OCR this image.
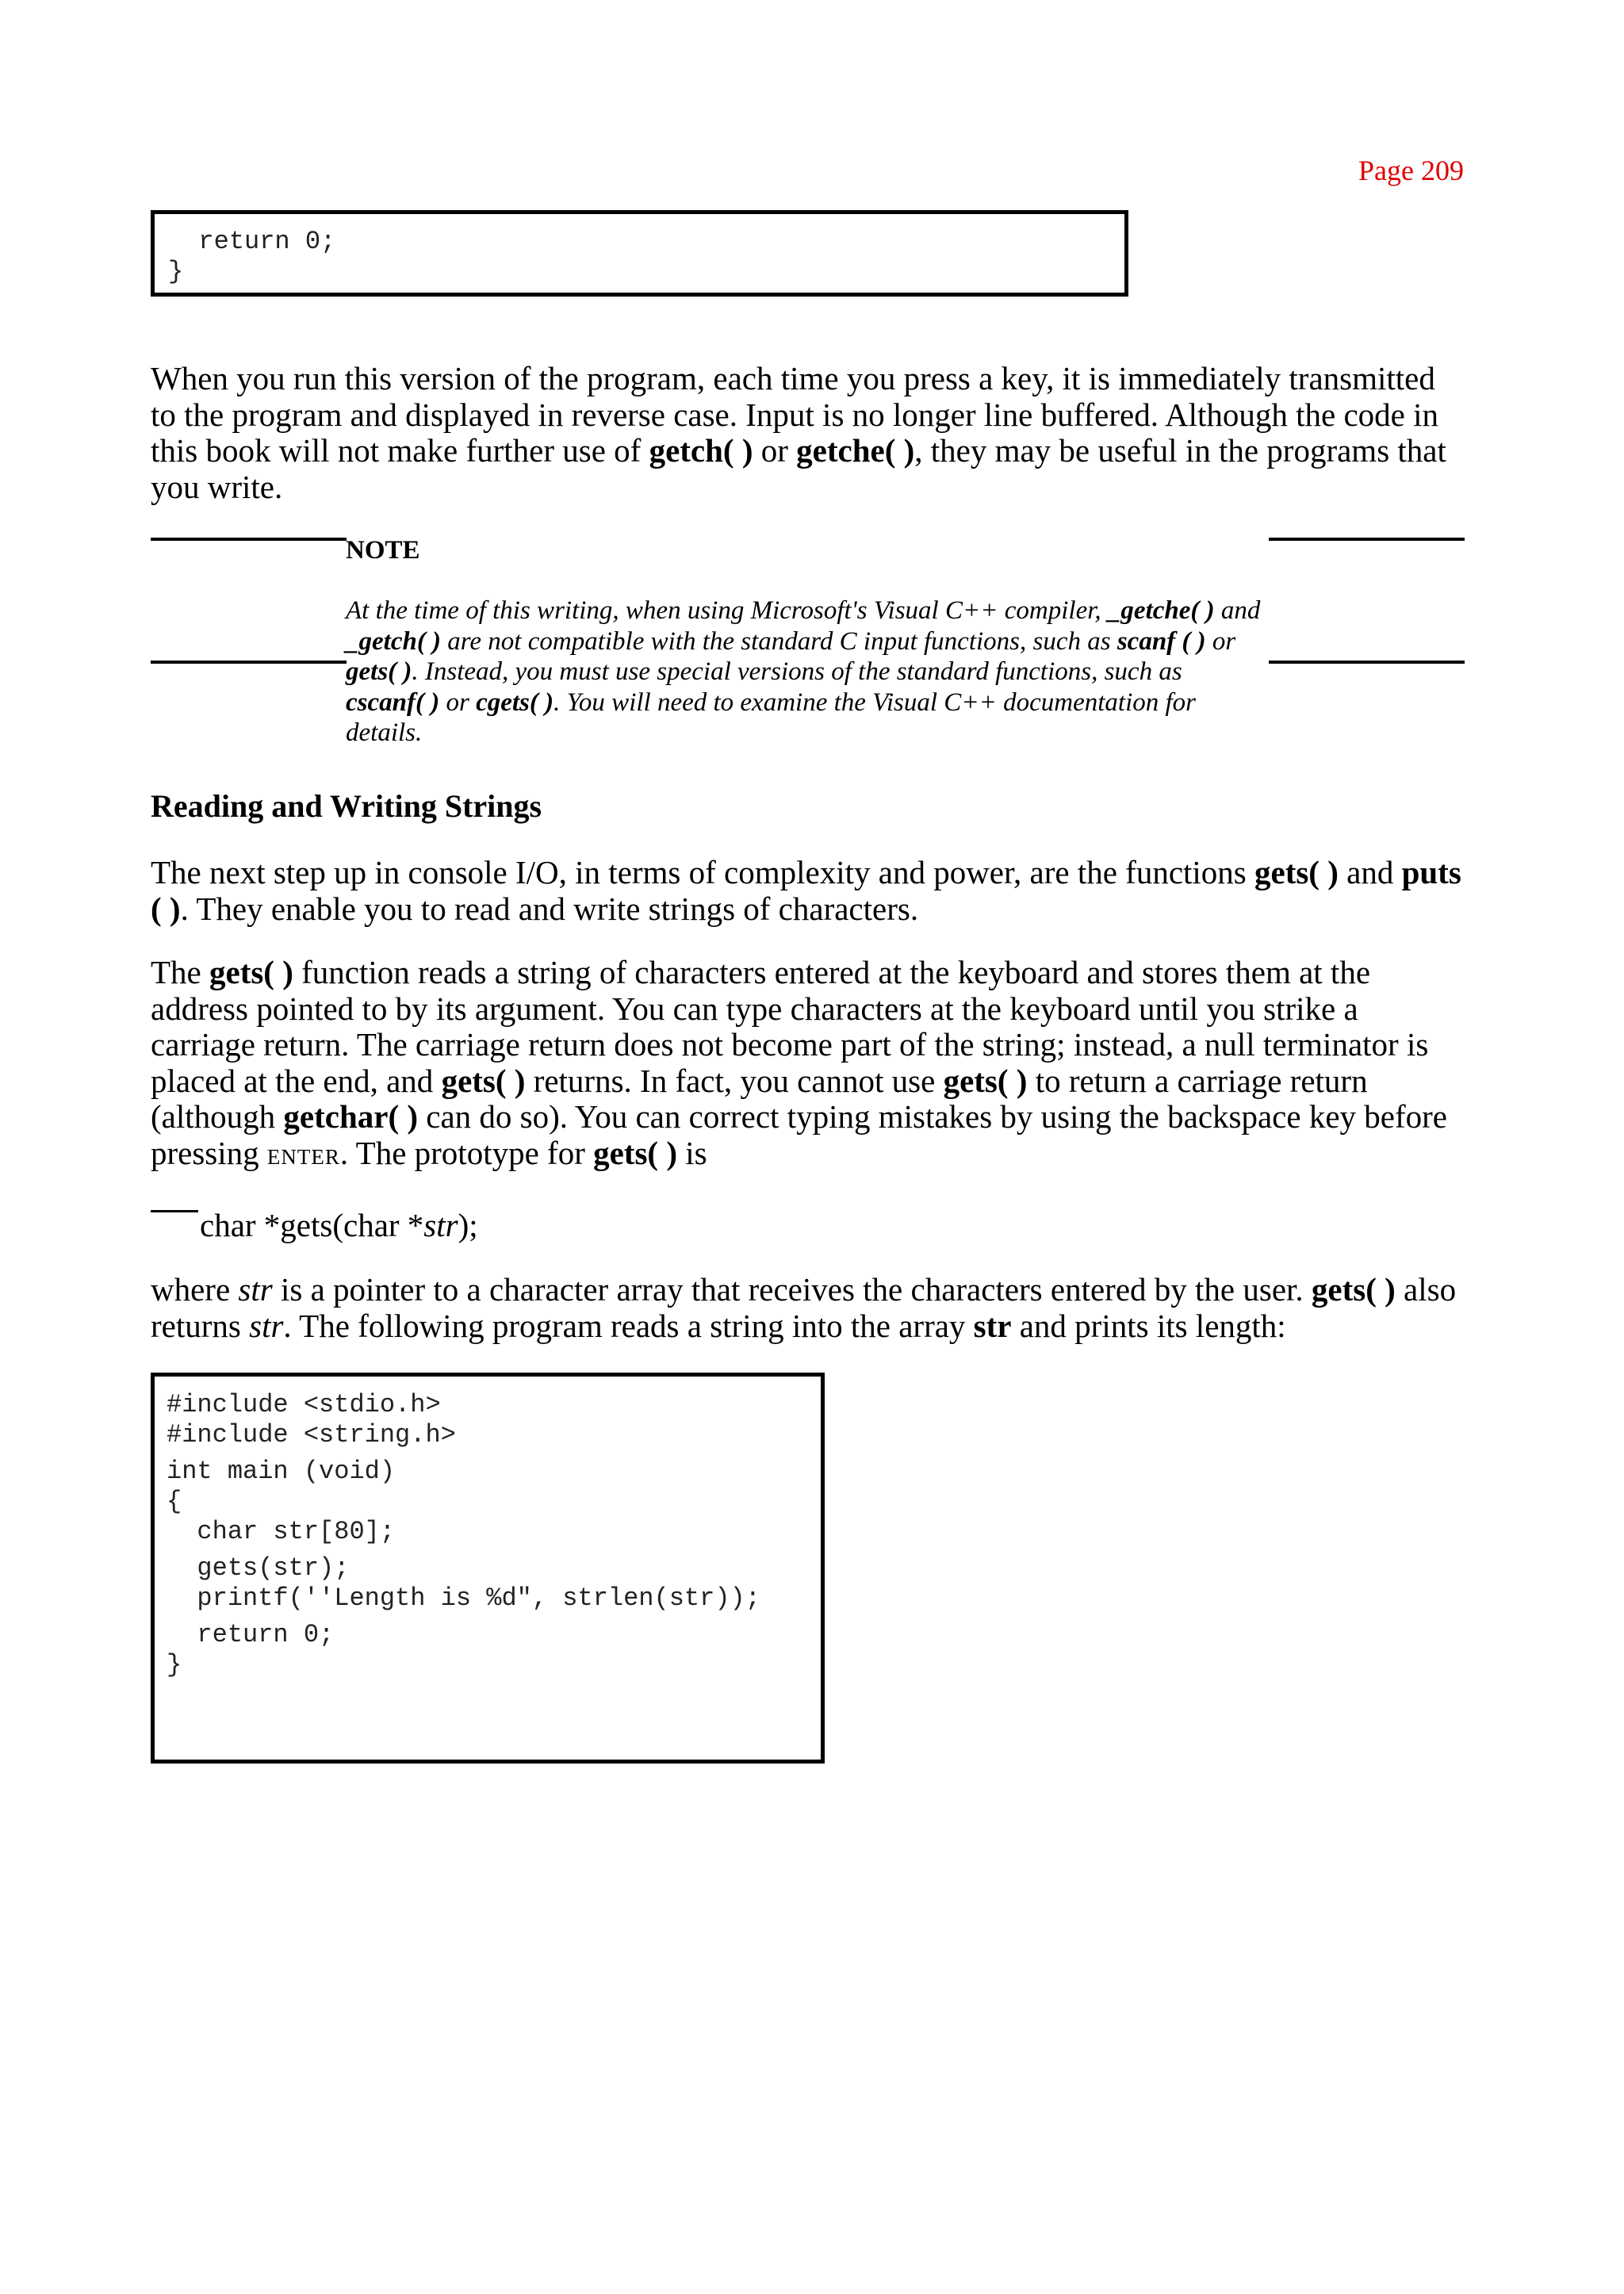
Page 209
return 0;
}

When you run this version of the program, each time you press a key, it is immediately transmitted to the program and displayed in reverse case. Input is no longer line buffered. Although the code in this book will not make further use of getch( ) or getche( ), they may be useful in the programs that you write.

NOTE

At the time of this writing, when using Microsoft's Visual C++ compiler, _getche( ) and _getch( ) are not compatible with the standard C input functions, such as scanf ( ) or gets( ). Instead, you must use special versions of the standard functions, such as cscanf( ) or cgets( ). You will need to examine the Visual C++ documentation for details.

Reading and Writing Strings

The next step up in console I/O, in terms of complexity and power, are the functions gets( ) and puts ( ). They enable you to read and write strings of characters.

The gets( ) function reads a string of characters entered at the keyboard and stores them at the address pointed to by its argument. You can type characters at the keyboard until you strike a carriage return. The carriage return does not become part of the string; instead, a null terminator is placed at the end, and gets( ) returns. In fact, you cannot use gets( ) to return a carriage return (although getchar( ) can do so). You can correct typing mistakes by using the backspace key before pressing ENTER. The prototype for gets( ) is

char *gets(char *str);

where str is a pointer to a character array that receives the characters entered by the user. gets( ) also returns str. The following program reads a string into the array str and prints its length:

#include <stdio.h>
#include <string.h>
int main (void)
{
char str[80];
gets(str);
printf(''Length is %d", strlen(str));
return 0;
}
